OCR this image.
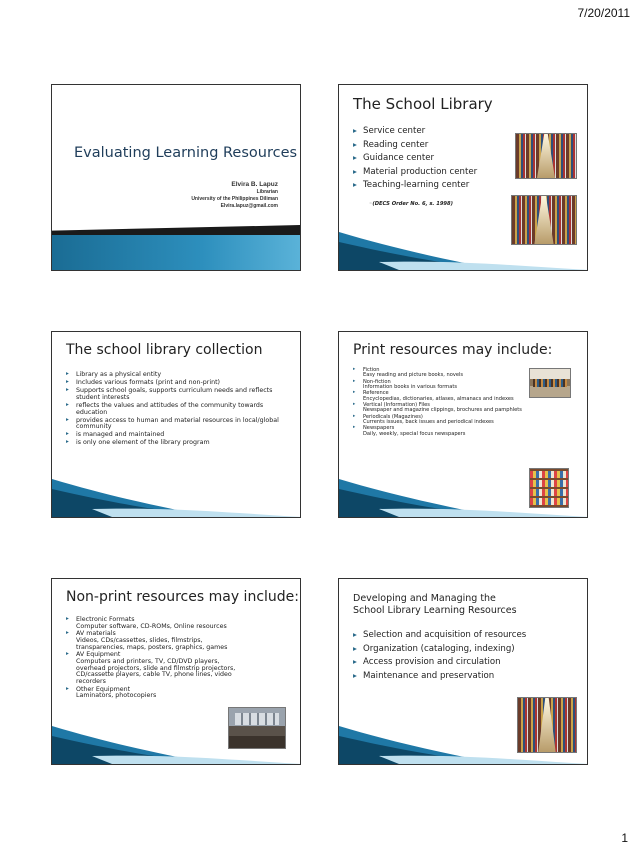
7/20/2011
Evaluating Learning Resources
Elvira B. Lapuz
Librarian
University of the Philippines Diliman
Elvira.lapuz@gmail.com
The School Library
▸ Service center
▸ Reading center
▸ Guidance center
▸ Material production center
▸ Teaching-learning center
◦ (DECS Order No. 6, s. 1998)
The school library collection
▸ Library as a physical entity
▸ Includes various formats (print and non-print)
▸ Supports school goals, supports curriculum needs and reflects student interests
▸ reflects the values and attitudes of the community towards education
▸ provides access to human and material resources in local/global community
▸ is managed and maintained
▸ is only one element of the library program
Print resources may include:
▸ Fiction
Easy reading and picture books, novels
▸ Non-fiction
Information books in various formats
▸ Reference
Encyclopedias, dictionaries, atlases, almanacs and indexes
▸ Vertical (Information) Files
Newspaper and magazine clippings, brochures and pamphlets
▸ Periodicals (Magazines)
Currents issues, back issues and periodical indexes
▸ Newspapers
Daily, weekly, special focus newspapers
Non-print resources may include:
▸ Electronic Formats
Computer software, CD-ROMs, Online resources
▸ AV materials
Videos, CDs/cassettes, slides, filmstrips, transparencies, maps, posters, graphics, games
▸ AV Equipment
Computers and printers, TV, CD/DVD players, overhead projectors, slide and filmstrip projectors, CD/cassette players, cable TV, phone lines, video recorders
▸ Other Equipment
Laminators, photocopiers
Developing and Managing the
School Library Learning Resources
▸ Selection and acquisition of resources
▸ Organization (cataloging, indexing)
▸ Access provision and circulation
▸ Maintenance and preservation
1
